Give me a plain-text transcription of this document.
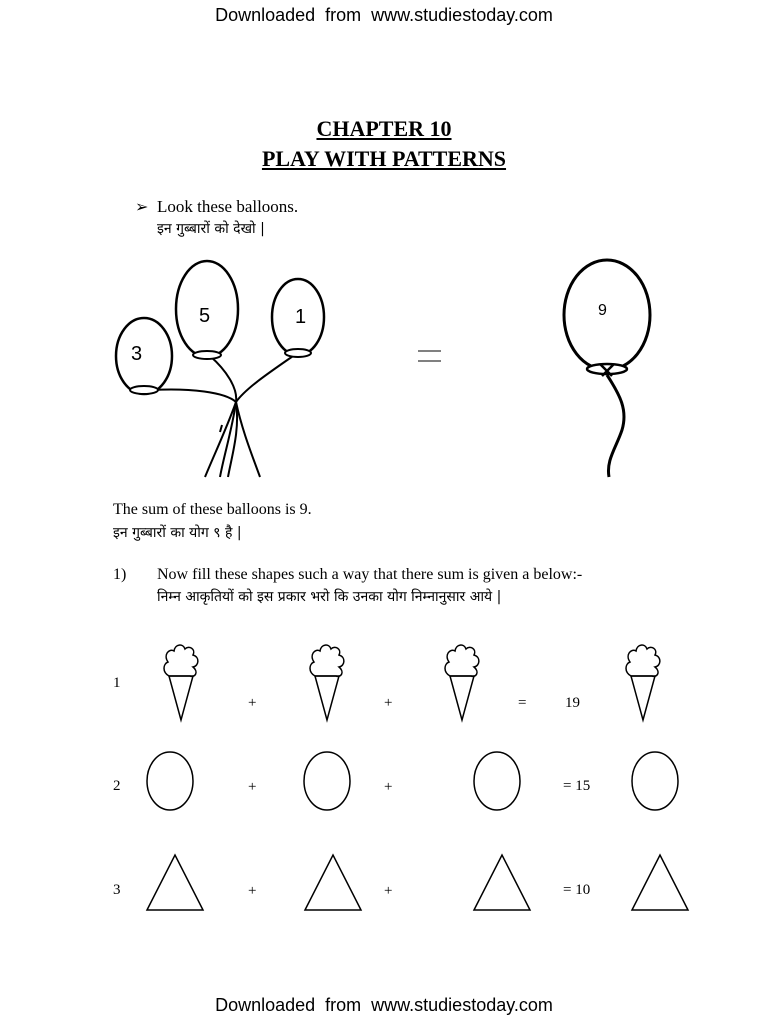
Downloaded  from  www.studiestoday.com
CHAPTER 10
PLAY WITH PATTERNS
➢ Look these balloons.
इन गुब्बारों को देखो |
3
5	1	9
The sum of these balloons is 9.
इन गुब्बारों का योग ९ है |
1) Now fill these shapes such a way that there sum is given a below:-
निम्न आकृतियों को इस प्रकार भरो कि उनका योग निम्नानुसार आये |
1
+	+	=	19
2	+	+	= 15
3	+	+	= 10
Downloaded  from  www.studiestoday.com
